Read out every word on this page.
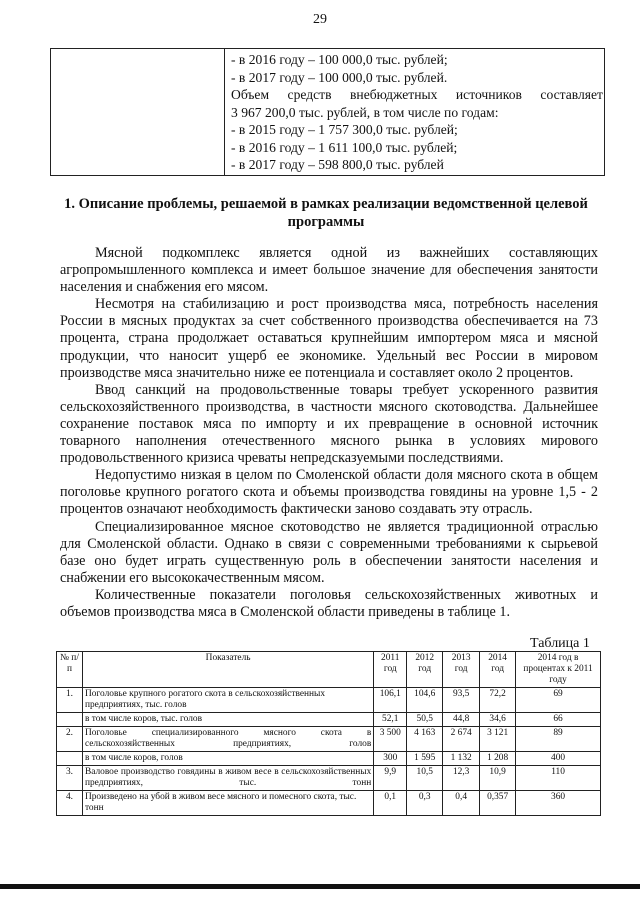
29
- в 2016 году – 100 000,0 тыс. рублей;
- в 2017 году – 100 000,0 тыс. рублей.
Объем средств внебюджетных источников составляет
3 967 200,0 тыс. рублей, в том числе по годам:
- в 2015 году – 1 757 300,0 тыс. рублей;
- в 2016 году – 1 611 100,0 тыс. рублей;
- в 2017 году – 598 800,0 тыс. рублей
1. Описание проблемы, решаемой в рамках реализации ведомственной целевой
программы

Мясной подкомплекс является одной из важнейших составляющих агропромышленного комплекса и имеет большое значение для обеспечения занятости населения и снабжения его мясом.

Несмотря на стабилизацию и рост производства мяса, потребность населения России в мясных продуктах за счет собственного производства обеспечивается на 73 процента, страна продолжает оставаться крупнейшим импортером мяса и мясной продукции, что наносит ущерб ее экономике. Удельный вес России в мировом производстве мяса значительно ниже ее потенциала и составляет около 2 процентов.

Ввод санкций на продовольственные товары требует ускоренного развития сельскохозяйственного производства, в частности мясного скотоводства. Дальнейшее сохранение поставок мяса по импорту и их превращение в основной источник товарного наполнения отечественного мясного рынка в условиях мирового продовольственного кризиса чреваты непредсказуемыми последствиями.

Недопустимо низкая в целом по Смоленской области доля мясного скота в общем поголовье крупного рогатого скота и объемы производства говядины на уровне 1,5 - 2 процентов означают необходимость фактически заново создавать эту отрасль.

Специализированное мясное скотоводство не является традиционной отраслью для Смоленской области. Однако в связи с современными требованиями к сырьевой базе оно будет играть существенную роль в обеспечении занятости населения и снабжении его высококачественным мясом.

Количественные показатели поголовья сельскохозяйственных животных и объемов производства мяса в Смоленской области приведены в таблице 1.

Таблица 1
№ п/п	Показатель	2011 год	2012 год	2013 год	2014 год	2014 год в процентах к 2011 году
1.	Поголовье крупного рогатого скота в сельскохозяйственных предприятиях, тыс. голов	106,1	104,6	93,5	72,2	69
	в том числе коров, тыс. голов	52,1	50,5	44,8	34,6	66
2.	Поголовье специализированного мясного скота в сельскохозяйственных предприятиях, голов	3 500	4 163	2 674	3 121	89
	в том числе коров, голов	300	1 595	1 132	1 208	400
3.	Валовое производство говядины в живом весе в сельскохозяйственных предприятиях, тыс. тонн	9,9	10,5	12,3	10,9	110
4.	Произведено на убой в живом весе мясного и помесного скота, тыс. тонн	0,1	0,3	0,4	0,357	360
